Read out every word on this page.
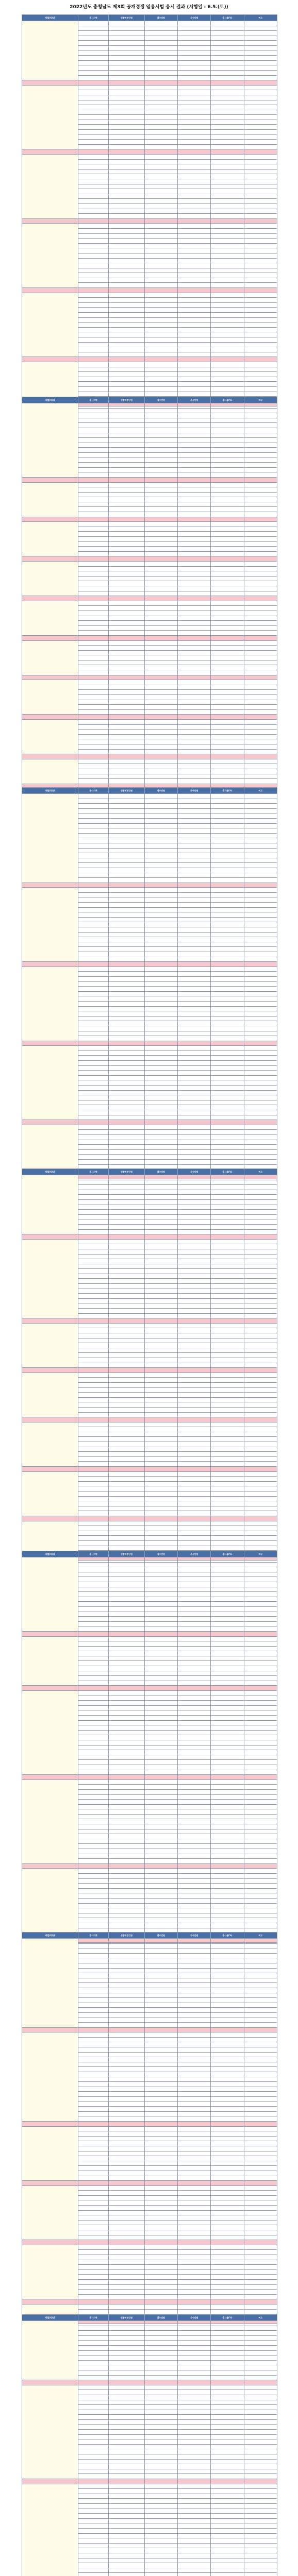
2022년도 충청남도 제3회 공개경쟁 임용시험 응시 결과 (시행일 : 6.5.(토))
직렬(직류)	응시지역	선발예정인원	접수인원	응시인원	응시율(%)	비고

직렬(직류)	응시지역	선발예정인원	접수인원	응시인원	응시율(%)	비고

직렬(직류)	응시지역	선발예정인원	접수인원	응시인원	응시율(%)	비고

직렬(직류)	응시지역	선발예정인원	접수인원	응시인원	응시율(%)	비고

직렬(직류)	응시지역	선발예정인원	접수인원	응시인원	응시율(%)	비고

직렬(직류)	응시지역	선발예정인원	접수인원	응시인원	응시율(%)	비고

직렬(직류)	응시지역	선발예정인원	접수인원	응시인원	응시율(%)	비고
